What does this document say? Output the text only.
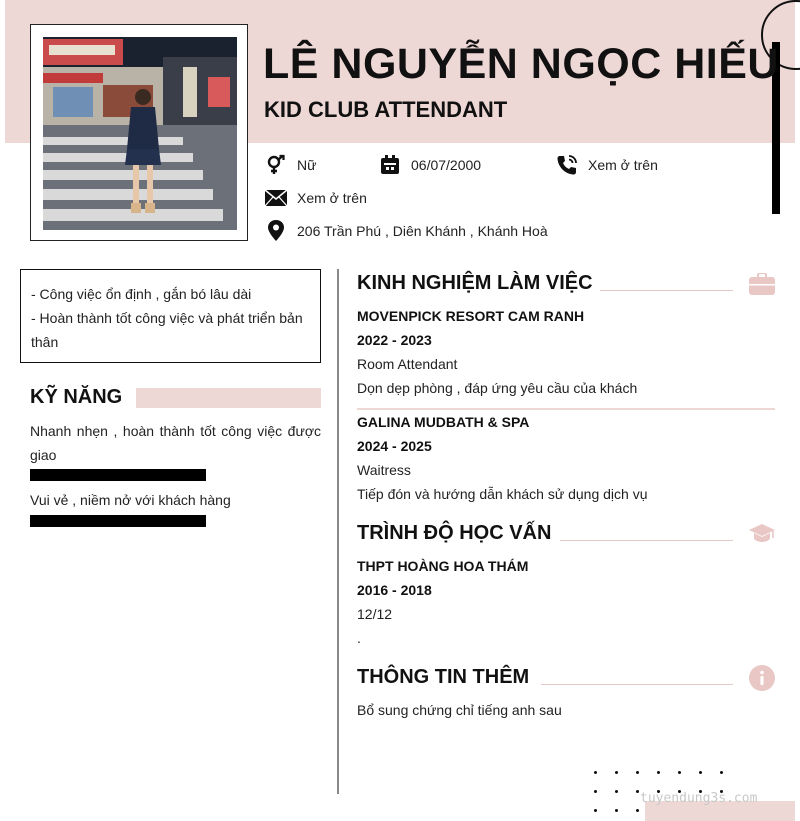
LÊ NGUYỄN NGỌC HIẾU
KID CLUB ATTENDANT
Nữ	06/07/2000	Xem ở trên
Xem ở trên
206 Trần Phú , Diên Khánh , Khánh Hoà
- Công việc ổn định , gắn bó lâu dài
- Hoàn thành tốt công việc và phát triển bản thân
KỸ NĂNG
Nhanh nhẹn , hoàn thành tốt công việc được giao
Vui vẻ , niềm nở với khách hàng
KINH NGHIỆM LÀM VIỆC
MOVENPICK RESORT CAM RANH
2022 - 2023
Room Attendant
Dọn dẹp phòng , đáp ứng yêu cầu của khách
GALINA MUDBATH & SPA
2024 - 2025
Waitress
Tiếp đón và hướng dẫn khách sử dụng dịch vụ
TRÌNH ĐỘ HỌC VẤN
THPT HOÀNG HOA THÁM
2016 - 2018
12/12
.
THÔNG TIN THÊM
Bổ sung chứng chỉ tiếng anh sau
tuyendung3s.com
